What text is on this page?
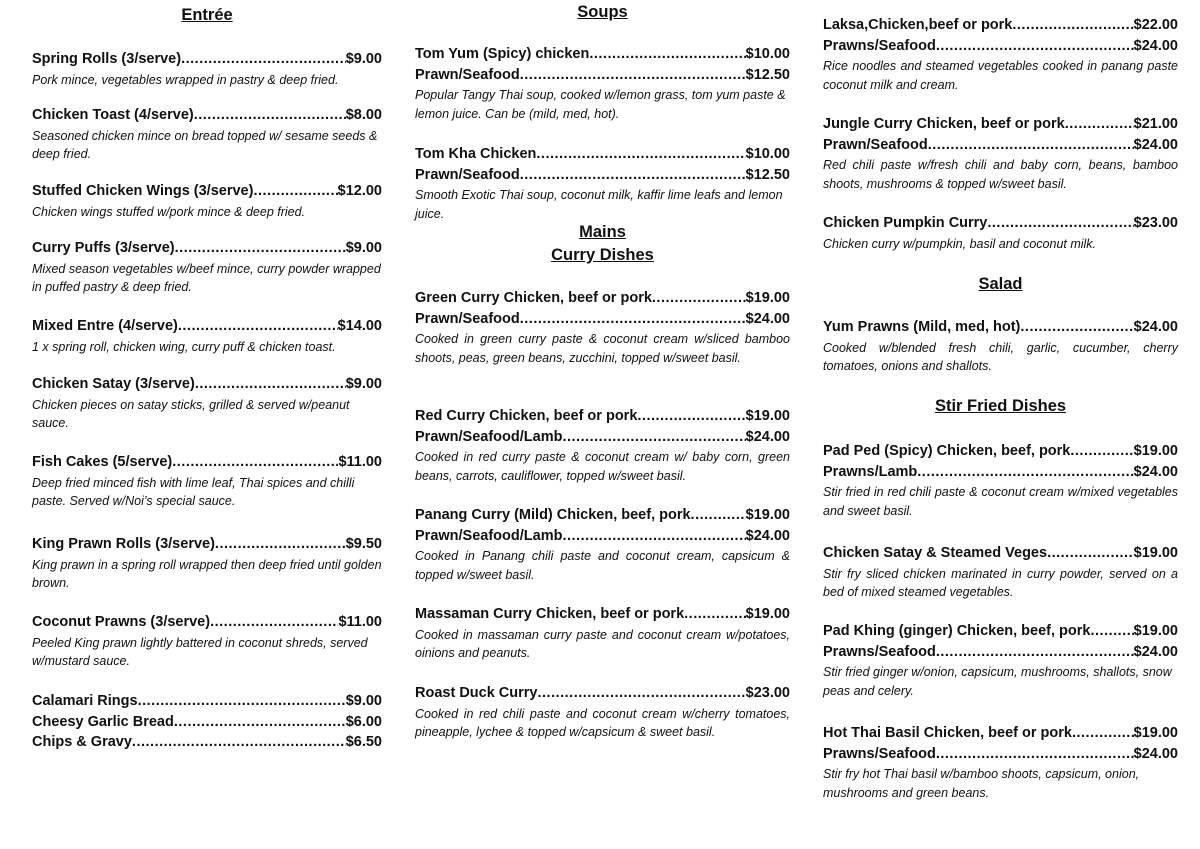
Entrée
Spring Rolls (3/serve) .....	$9.00

Pork mince, vegetables wrapped in pastry & deep fried.

Chicken Toast (4/serve) .....	$8.00

Seasoned chicken mince on bread topped w/ sesame seeds & deep fried.

Stuffed Chicken Wings (3/serve) .....	$12.00

Chicken wings stuffed w/pork mince & deep fried.

Curry Puffs (3/serve) .....	$9.00

Mixed season vegetables w/beef mince, curry powder wrapped in puffed pastry & deep fried.

Mixed Entre (4/serve) .....	$14.00

1 x spring roll, chicken wing, curry puff & chicken toast.

Chicken Satay (3/serve) .....	$9.00

Chicken pieces on satay sticks, grilled & served w/peanut sauce.

Fish Cakes (5/serve) .....	$11.00

Deep fried minced fish with lime leaf, Thai spices and chilli paste. Served w/Noi’s special sauce.

King Prawn Rolls (3/serve) .....	$9.50

King prawn in a spring roll wrapped then deep fried until golden brown.

Coconut Prawns (3/serve) .....	$11.00

Peeled King prawn lightly battered in coconut shreds, served w/mustard sauce.

Calamari Rings .....	$9.00
Cheesy Garlic Bread .....	$6.00
Chips & Gravy .....	$6.50
Soups
Tom Yum (Spicy) chicken .....	$10.00
Prawn/Seafood .....	$12.50

Popular Tangy Thai soup, cooked w/lemon grass, tom yum paste & lemon juice. Can be (mild, med, hot).

Tom Kha Chicken .....	$10.00
Prawn/Seafood .....	$12.50

Smooth Exotic Thai soup, coconut milk, kaffir lime leafs and lemon juice.

Mains
Curry Dishes
Green Curry Chicken, beef or pork .....	$19.00
Prawn/Seafood .....	$24.00

Cooked in green curry paste & coconut cream w/sliced bamboo shoots, peas, green beans, zucchini, topped w/sweet basil.

Red Curry Chicken, beef or pork .....	$19.00
Prawn/Seafood/Lamb .....	$24.00

Cooked in red curry paste & coconut cream w/ baby corn, green beans, carrots, cauliflower, topped w/sweet basil.

Panang Curry (Mild) Chicken, beef, pork .....	$19.00
Prawn/Seafood/Lamb .....	$24.00

Cooked in Panang chili paste and coconut cream, capsicum & topped w/sweet basil.

Massaman Curry Chicken, beef or pork .....	$19.00

Cooked in massaman curry paste and coconut cream w/potatoes, oinions and peanuts.

Roast Duck Curry .....	$23.00

Cooked in red chili paste and coconut cream w/cherry tomatoes, pineapple, lychee & topped w/capsicum & sweet basil.

Laksa,Chicken,beef or pork .....	$22.00
Prawns/Seafood .....	$24.00

Rice noodles and steamed vegetables cooked in panang paste coconut milk and cream.

Jungle Curry Chicken, beef or pork .....	$21.00
Prawn/Seafood .....	$24.00

Red chili paste w/fresh chili and baby corn, beans, bamboo shoots, mushrooms & topped w/sweet basil.

Chicken Pumpkin Curry .....	$23.00

Chicken curry w/pumpkin, basil and coconut milk.

Salad
Yum Prawns (Mild, med, hot) .....	$24.00

Cooked w/blended fresh chili, garlic, cucumber, cherry tomatoes, onions and shallots.

Stir Fried Dishes
Pad Ped (Spicy) Chicken, beef, pork .....	$19.00
Prawns/Lamb .....	$24.00

Stir fried in red chili paste & coconut cream w/mixed vegetables and sweet basil.

Chicken Satay & Steamed Veges .....	$19.00

Stir fry sliced chicken marinated in curry powder, served on a bed of mixed steamed vegetables.

Pad Khing (ginger) Chicken, beef, pork .....	$19.00
Prawns/Seafood .....	$24.00

Stir fried ginger w/onion, capsicum, mushrooms, shallots, snow peas and celery.

Hot Thai Basil Chicken, beef or pork .....	$19.00
Prawns/Seafood .....	$24.00

Stir fry hot Thai basil w/bamboo shoots, capsicum, onion, mushrooms and green beans.
